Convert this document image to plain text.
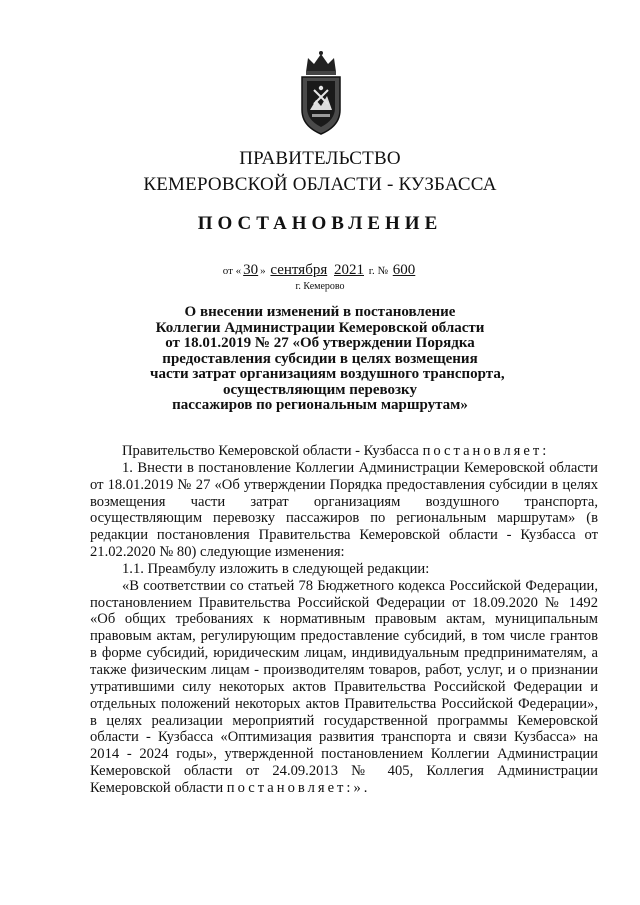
ПРАВИТЕЛЬСТВО
КЕМЕРОВСКОЙ ОБЛАСТИ - КУЗБАССА
ПОСТАНОВЛЕНИЕ
от « 30 » сентября 2021 г. № 600
г. Кемерово
О внесении изменений в постановление
Коллегии Администрации Кемеровской области
от 18.01.2019 № 27 «Об утверждении Порядка
предоставления субсидии в целях возмещения
части затрат организациям воздушного транспорта,
осуществляющим перевозку
пассажиров по региональным маршрутам»

Правительство Кемеровской области - Кузбасса постановляет:

1. Внести в постановление Коллегии Администрации Кемеровской области от 18.01.2019 № 27 «Об утверждении Порядка предоставления субсидии в целях возмещения части затрат организациям воздушного транспорта, осуществляющим перевозку пассажиров по региональным маршрутам» (в редакции постановления Правительства Кемеровской области - Кузбасса от 21.02.2020 № 80) следующие изменения:

1.1. Преамбулу изложить в следующей редакции:

«В соответствии со статьей 78 Бюджетного кодекса Российской Федерации, постановлением Правительства Российской Федерации от 18.09.2020 № 1492 «Об общих требованиях к нормативным правовым актам, муниципальным правовым актам, регулирующим предоставление субсидий, в том числе грантов в форме субсидий, юридическим лицам, индивидуальным предпринимателям, а также физическим лицам - производителям товаров, работ, услуг, и о признании утратившими силу некоторых актов Правительства Российской Федерации и отдельных положений некоторых актов Правительства Российской Федерации», в целях реализации мероприятий государственной программы Кемеровской области - Кузбасса «Оптимизация развития транспорта и связи Кузбасса» на 2014 - 2024 годы», утвержденной постановлением Коллегии Администрации Кемеровской области от 24.09.2013 № 405, Коллегия Администрации Кемеровской области постановляет:».
